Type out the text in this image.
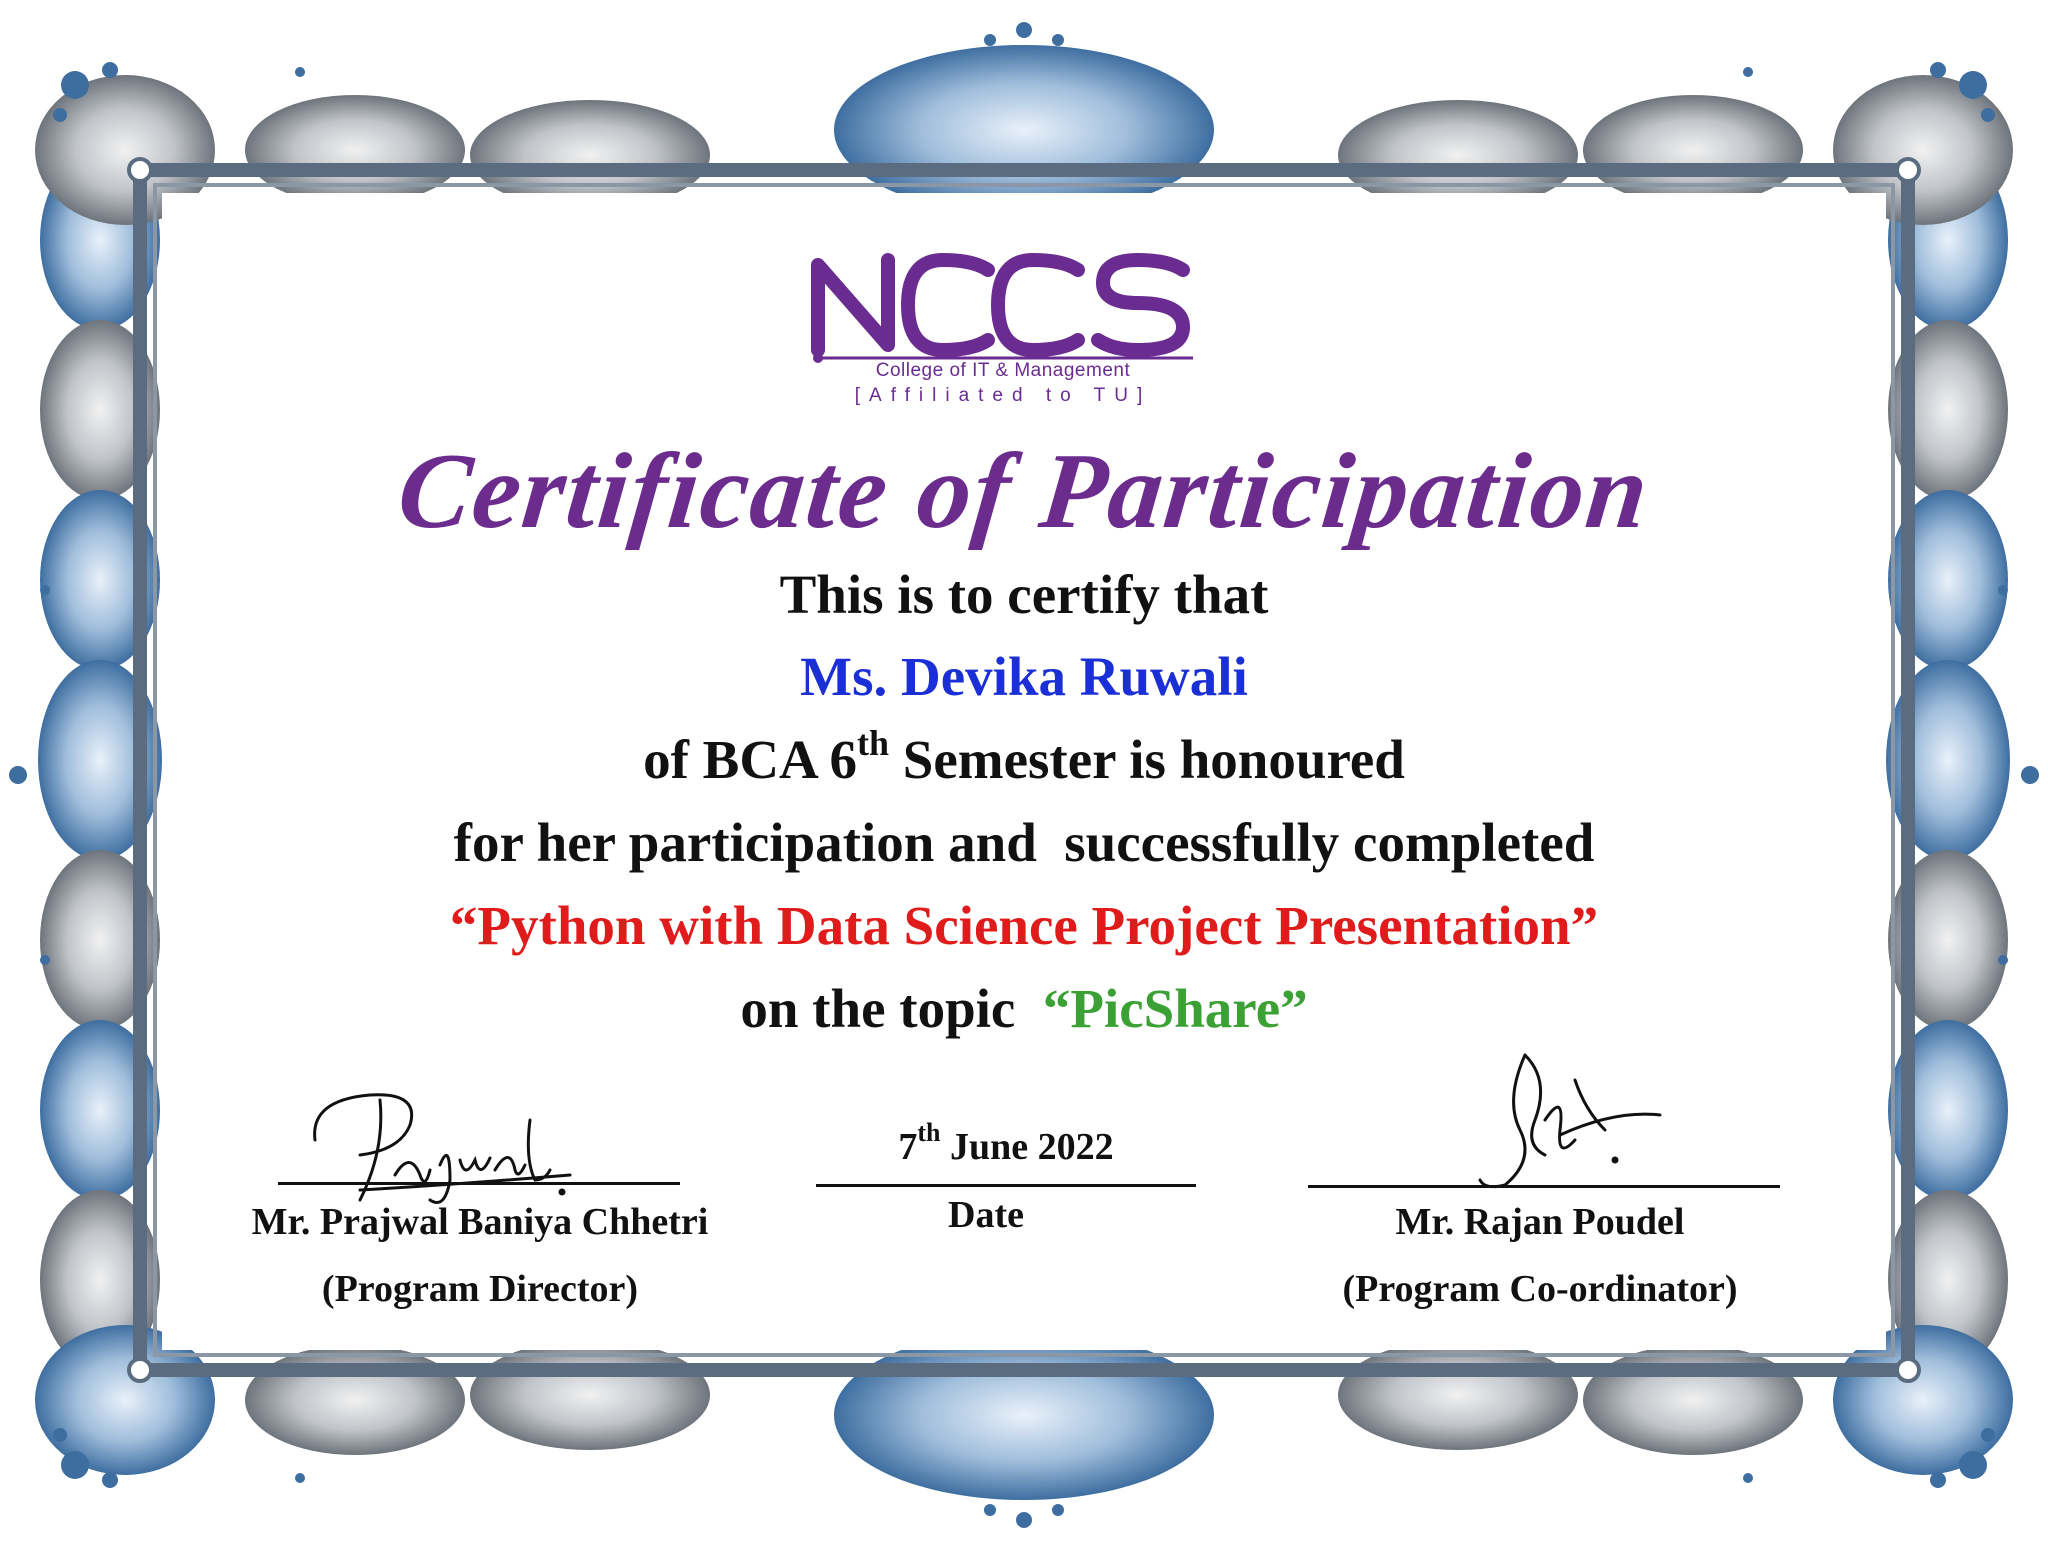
College of IT & Management
[Affiliated to TU]
Certificate of Participation
This is to certify that
Ms. Devika Ruwali
of BCA 6th Semester is honoured
for her participation and  successfully completed
“Python with Data Science Project Presentation”
on the topic  “PicShare”
Mr. Prajwal Baniya Chhetri
(Program Director)
7th June 2022
Date	Mr. Rajan Poudel
(Program Co-ordinator)
